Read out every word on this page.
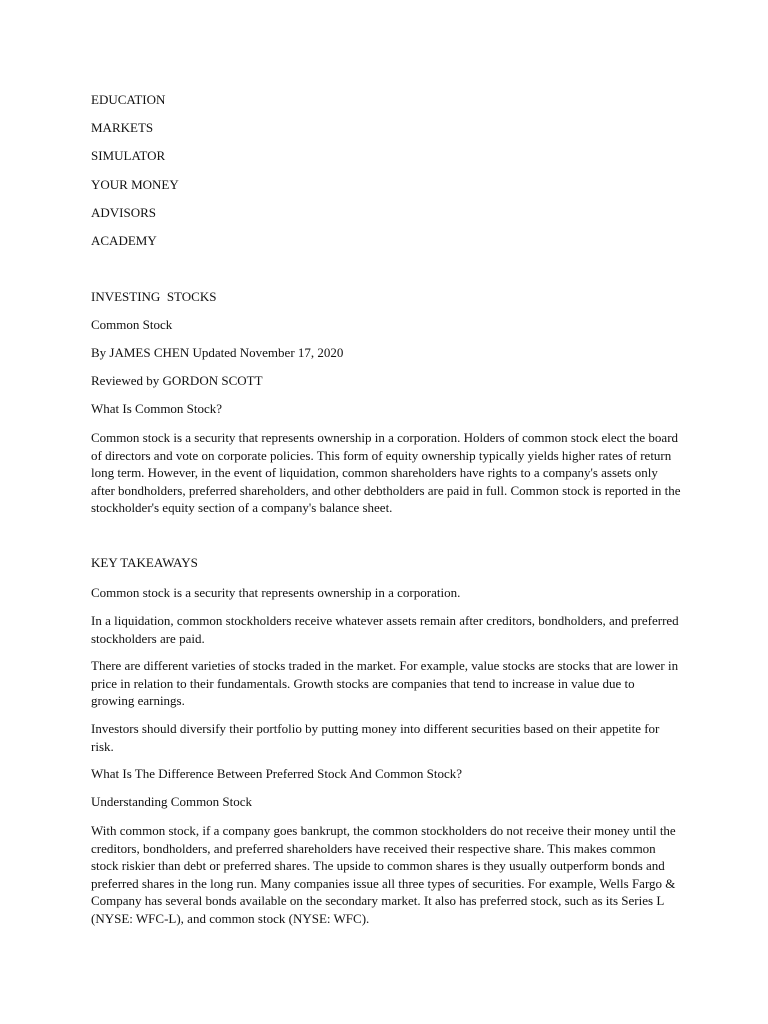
EDUCATION

MARKETS

SIMULATOR

YOUR MONEY

ADVISORS

ACADEMY

INVESTING  STOCKS

Common Stock

By JAMES CHEN Updated November 17, 2020

Reviewed by GORDON SCOTT

What Is Common Stock?

Common stock is a security that represents ownership in a corporation. Holders of common stock elect the board of directors and vote on corporate policies. This form of equity ownership typically yields higher rates of return long term. However, in the event of liquidation, common shareholders have rights to a company's assets only after bondholders, preferred shareholders, and other debtholders are paid in full. Common stock is reported in the stockholder's equity section of a company's balance sheet.

KEY TAKEAWAYS

Common stock is a security that represents ownership in a corporation.

In a liquidation, common stockholders receive whatever assets remain after creditors, bondholders, and preferred stockholders are paid.

There are different varieties of stocks traded in the market. For example, value stocks are stocks that are lower in price in relation to their fundamentals. Growth stocks are companies that tend to increase in value due to growing earnings.

Investors should diversify their portfolio by putting money into different securities based on their appetite for risk.

What Is The Difference Between Preferred Stock And Common Stock?

Understanding Common Stock

With common stock, if a company goes bankrupt, the common stockholders do not receive their money until the creditors, bondholders, and preferred shareholders have received their respective share. This makes common stock riskier than debt or preferred shares. The upside to common shares is they usually outperform bonds and preferred shares in the long run. Many companies issue all three types of securities. For example, Wells Fargo & Company has several bonds available on the secondary market. It also has preferred stock, such as its Series L (NYSE: WFC-L), and common stock (NYSE: WFC).
